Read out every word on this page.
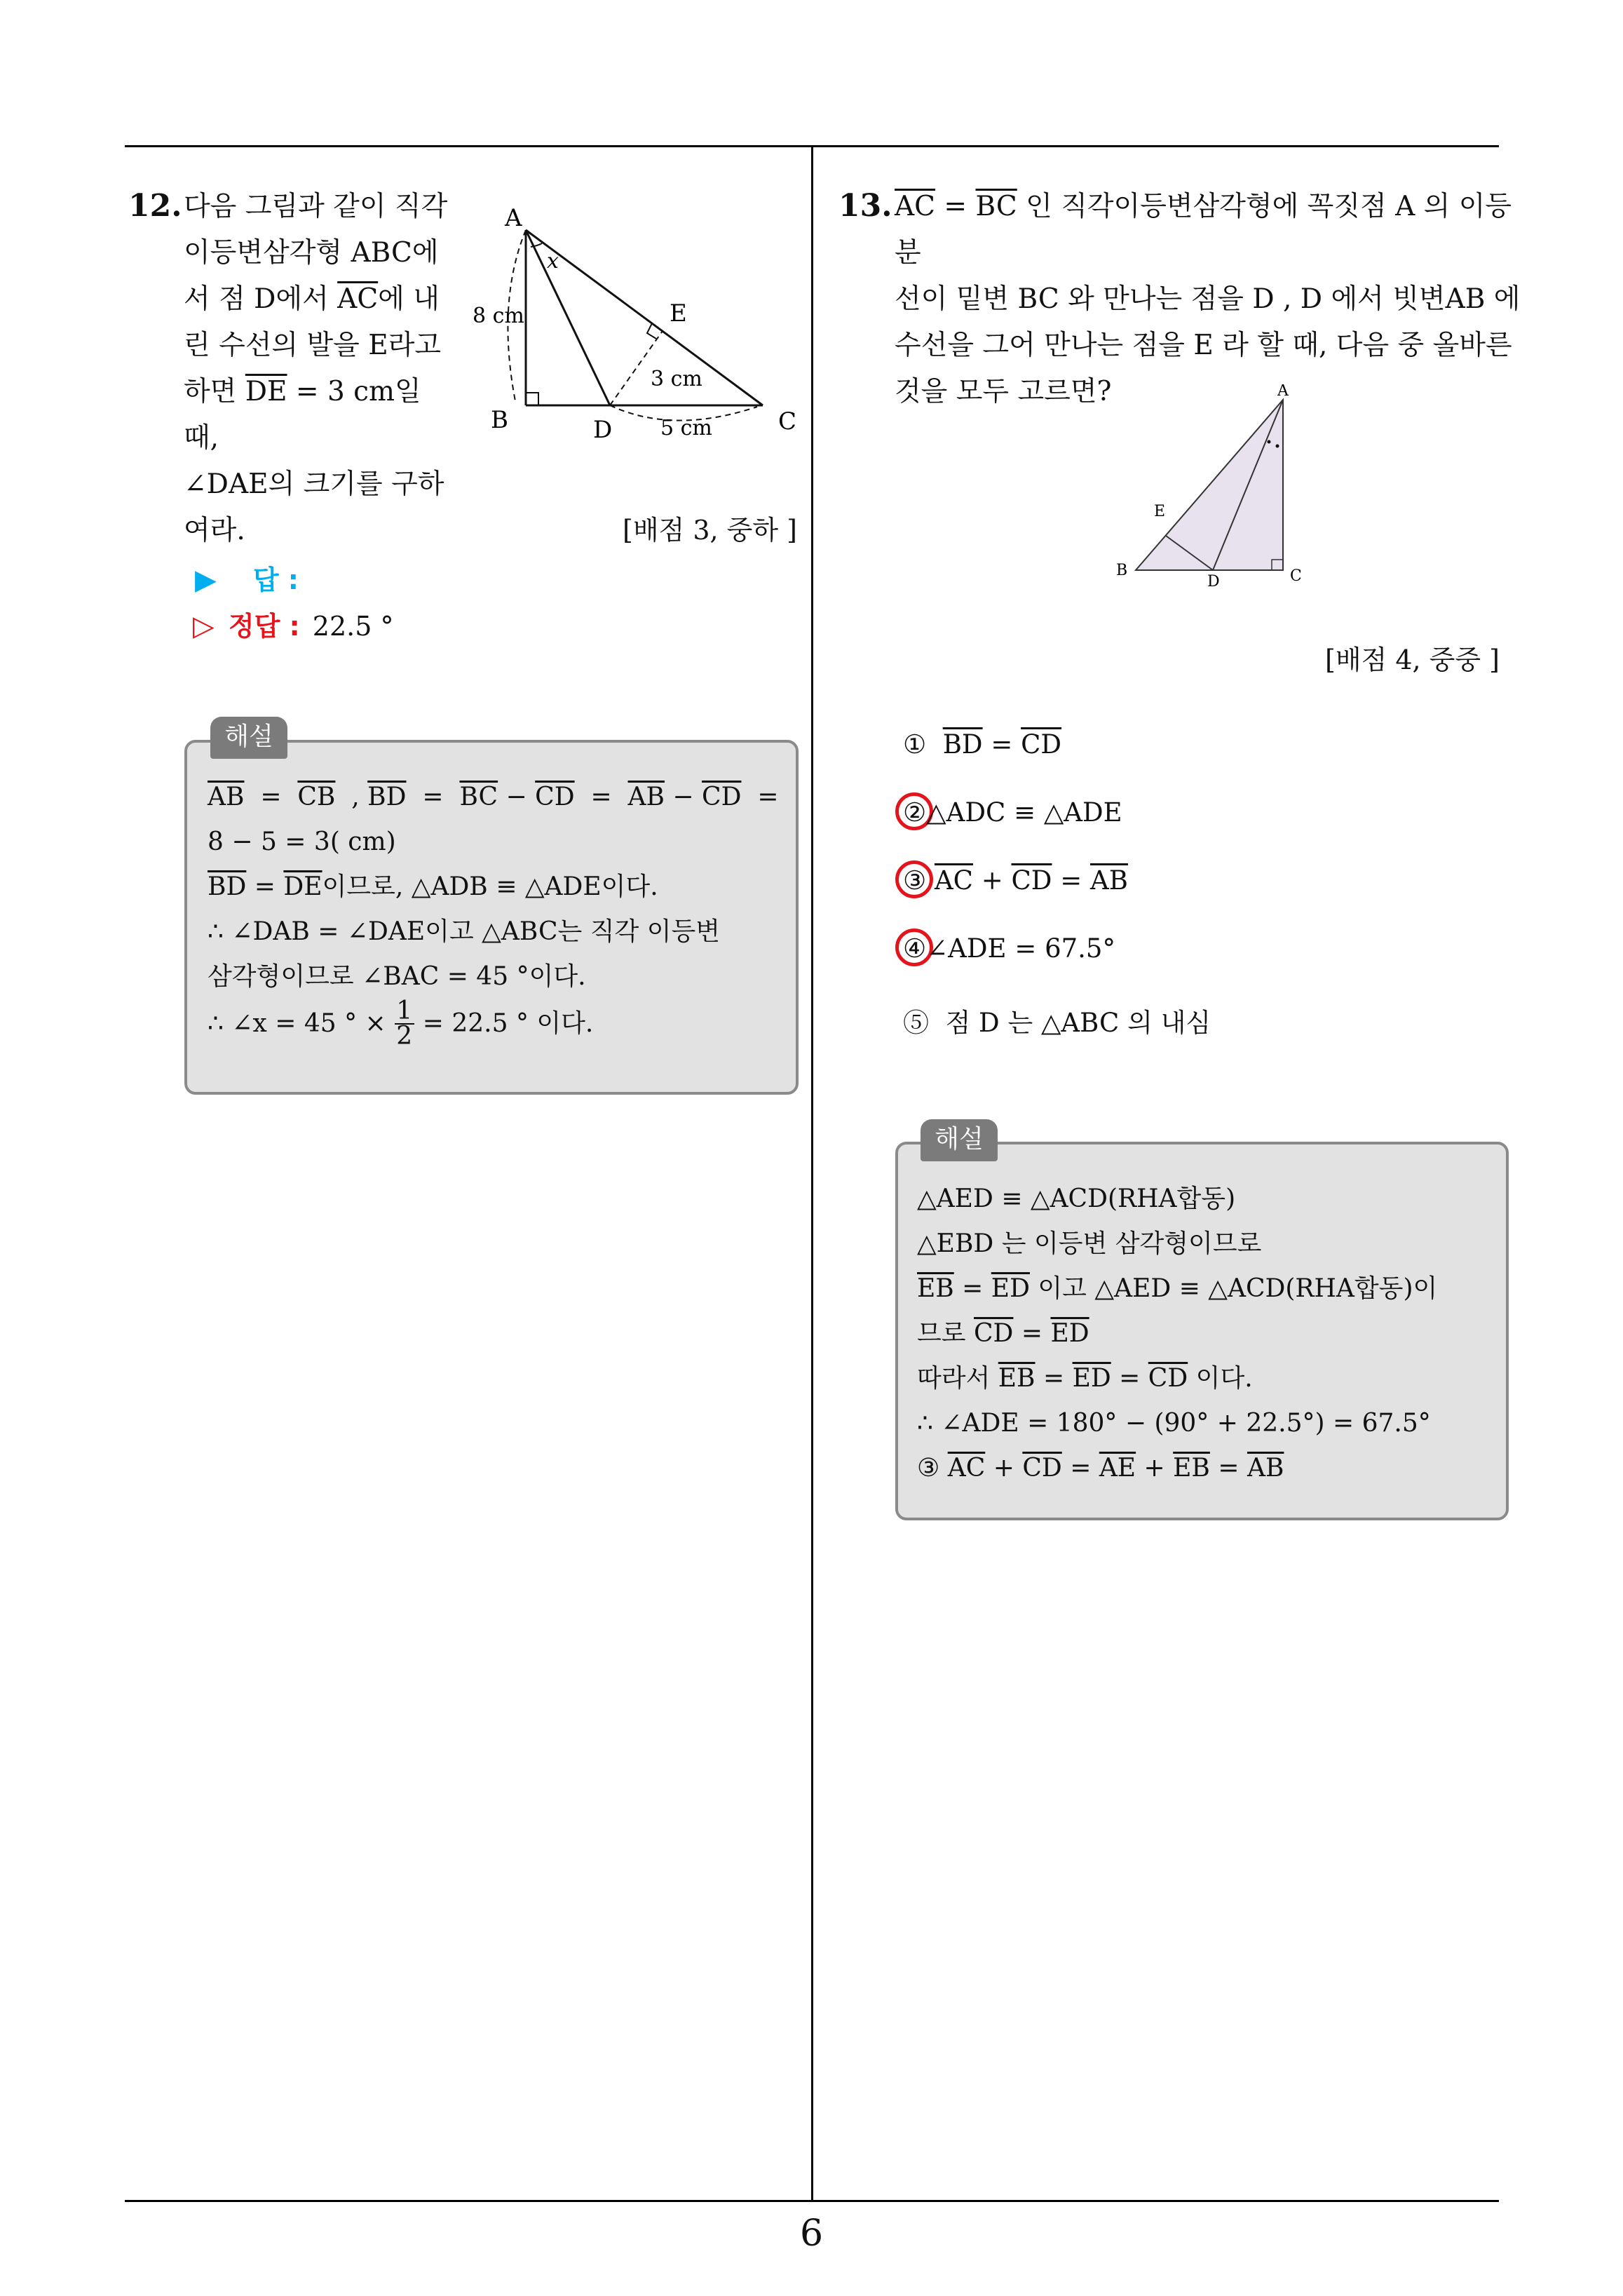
6
12. 다음 그림과 같이 직각
이등변삼각형 ABC에
서 점 D에서 $\overline{AC}$에 내
린 수선의 발을 E라고
하면 $\overline{DE} = 3$ cm일 때,
∠DAE의 크기를 구하
여라.
A
B	C
D
E
x
8 cm
3 cm
5 cm
[배점 3, 중하 ]
▶ 답 :
▷ 정답 : 22.5 °
해설
$\overline{AB} = \overline{CB}$  , $\overline{BD} = \overline{BC} - \overline{CD} = \overline{AB} - \overline{CD}$  =
8 − 5 = 3( cm)
$\overline{BD} = \overline{DE}$이므로, △ADB ≡ △ADE이다.
∴ ∠DAB = ∠DAE이고 △ABC는 직각 이등변
삼각형이므로 ∠BAC = 45 °이다.
∴ ∠x = 45 ° × $\frac{1}{2} = 22.5$ ° 이다.
13. $\overline{AC} = \overline{BC}$ 인 직각이등변삼각형에 꼭짓점 A 의 이등분
선이 밑변 BC 와 만나는 점을 D , D 에서 빗변AB 에
수선을 그어 만나는 점을 E 라 할 때, 다음 중 올바른
것을 모두 고르면?	A
B	C
D
E
[배점 4, 중중 ]
① $\overline{BD} = \overline{CD}$
②△ADC ≡ △ADE
③ $\overline{AC} + \overline{CD} = \overline{AB}$
④∠ADE = 67.5°
⑤ 점 D 는 △ABC 의 내심
해설
△AED ≡ △ACD(RHA합동)
△EBD 는 이등변 삼각형이므로
$\overline{EB} = \overline{ED}$ 이고 △AED ≡ △ACD(RHA합동)이
므로 $\overline{CD} = \overline{ED}$
따라서 $\overline{EB} = \overline{ED} = \overline{CD}$ 이다.
∴ ∠ADE = 180° − (90° + 22.5°) = 67.5°
③ $\overline{AC} + \overline{CD} = \overline{AE} + \overline{EB} = \overline{AB}$
